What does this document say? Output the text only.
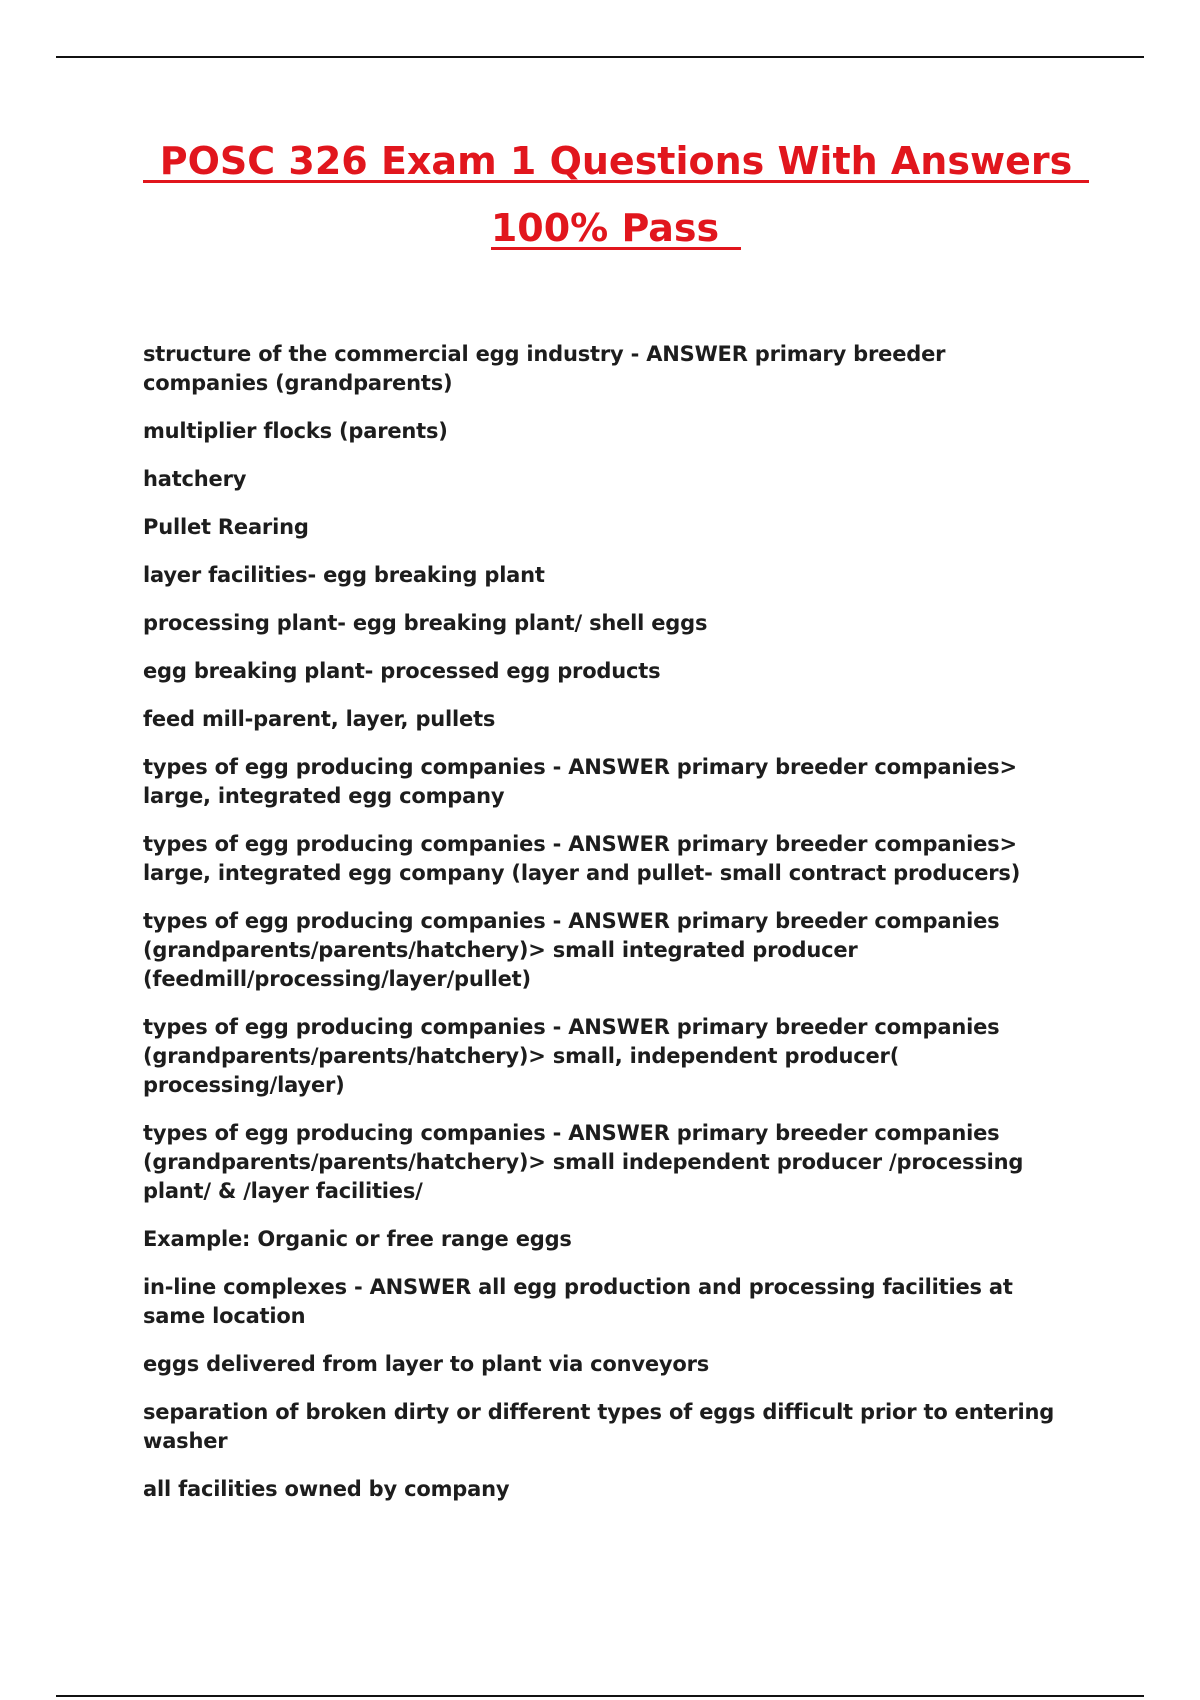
POSC 326 Exam 1 Questions With Answers
100% Pass

structure of the commercial egg industry - ANSWER primary breeder companies (grandparents)

multiplier flocks (parents)

hatchery

Pullet Rearing

layer facilities- egg breaking plant

processing plant- egg breaking plant/ shell eggs

egg breaking plant- processed egg products

feed mill-parent, layer, pullets

types of egg producing companies - ANSWER primary breeder companies> large, integrated egg company

types of egg producing companies - ANSWER primary breeder companies> large, integrated egg company (layer and pullet- small contract producers)

types of egg producing companies - ANSWER primary breeder companies (grandparents/parents/hatchery)> small integrated producer (feedmill/processing/layer/pullet)

types of egg producing companies - ANSWER primary breeder companies (grandparents/parents/hatchery)> small, independent producer( processing/layer)

types of egg producing companies - ANSWER primary breeder companies (grandparents/parents/hatchery)> small independent producer /processing plant/ & /layer facilities/

Example: Organic or free range eggs

in-line complexes - ANSWER all egg production and processing facilities at same location

eggs delivered from layer to plant via conveyors

separation of broken dirty or different types of eggs difficult prior to entering washer

all facilities owned by company
